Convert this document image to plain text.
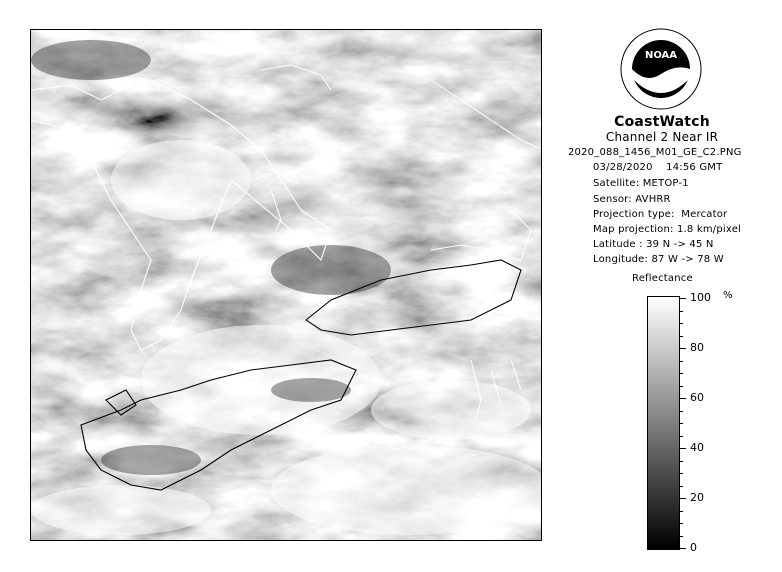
NOAA
CoastWatch
Channel 2 Near IR
2020_088_1456_M01_GE_C2.PNG
03/28/2020    14:56 GMT
Satellite: METOP-1
Sensor: AVHRR
Projection type:  Mercator
Map projection: 1.8 km/pixel
Latitude : 39 N -> 45 N
Longitude: 87 W -> 78 W
Reflectance
%
100
80
60
40
20
0
